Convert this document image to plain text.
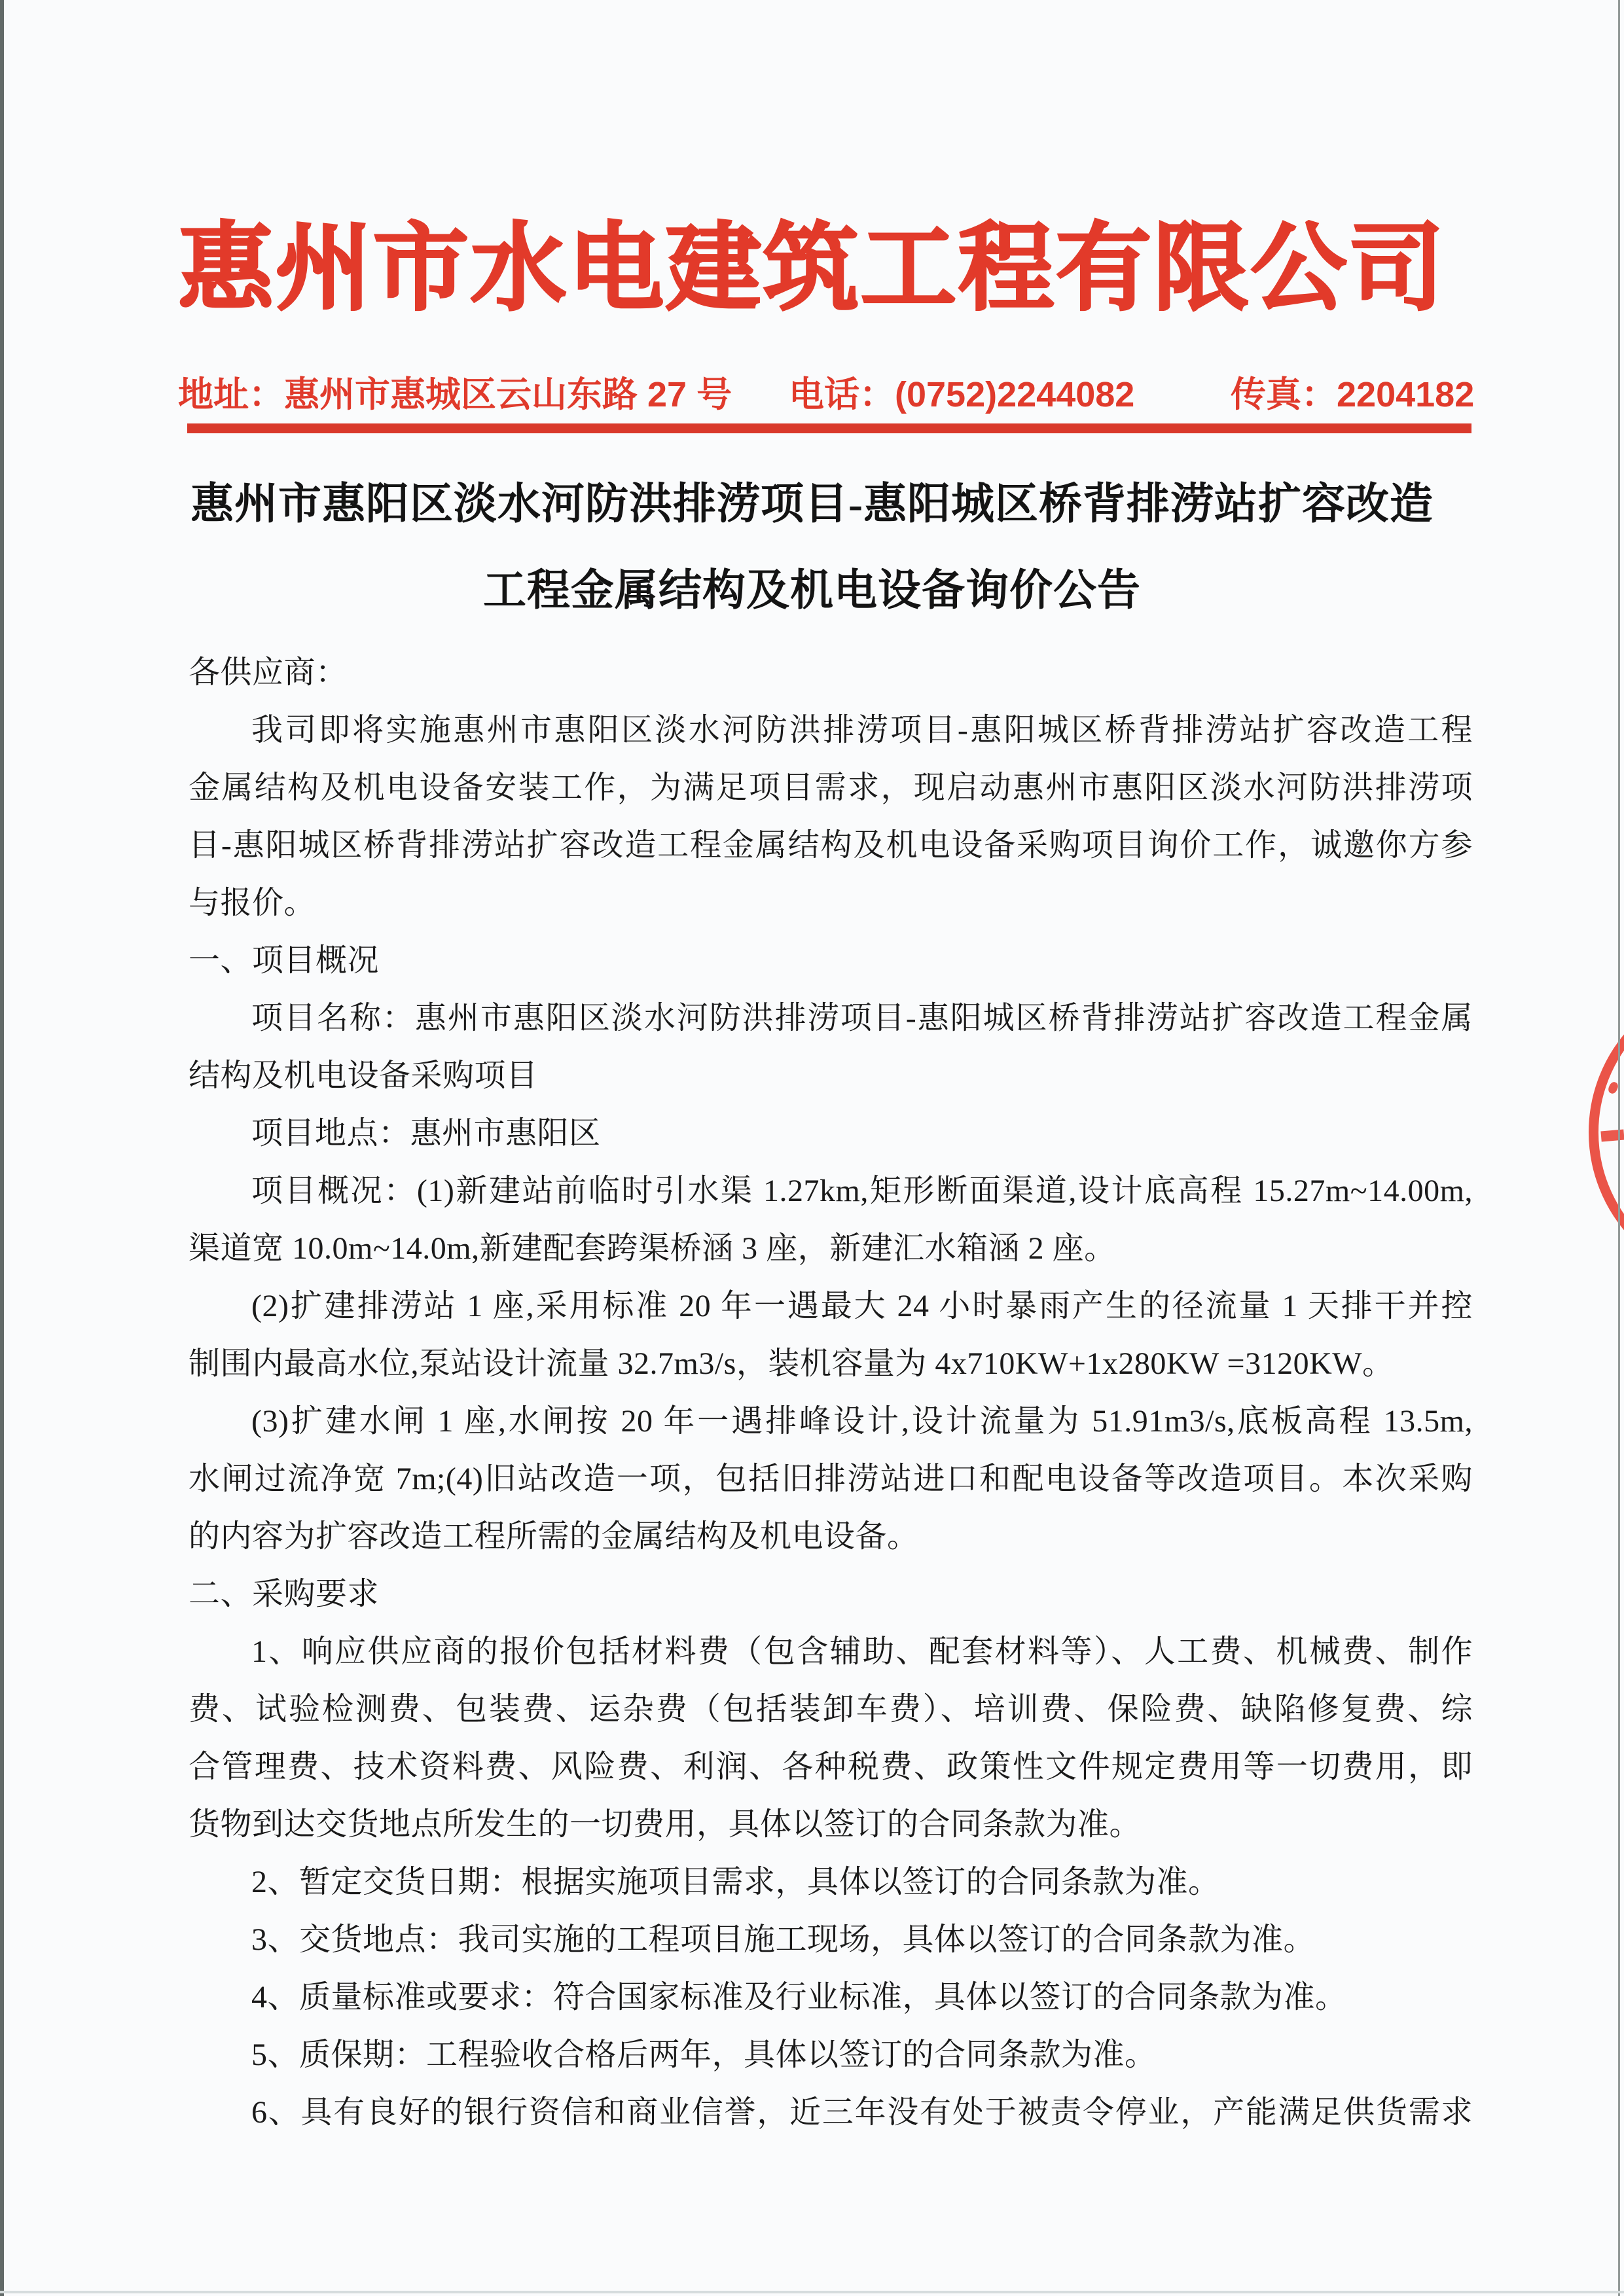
惠州市水电建筑工程有限公司
地址：惠州市惠城区云山东路 27 号 电话：(0752)2244082	传真：2204182
惠州市惠阳区淡水河防洪排涝项目-惠阳城区桥背排涝站扩容改造
工程金属结构及机电设备询价公告
各供应商：
我司即将实施惠州市惠阳区淡水河防洪排涝项目-惠阳城区桥背排涝站扩容改造工程
金属结构及机电设备安装工作，为满足项目需求，现启动惠州市惠阳区淡水河防洪排涝项
目-惠阳城区桥背排涝站扩容改造工程金属结构及机电设备采购项目询价工作，诚邀你方参
与报价。
一、项目概况
项目名称：惠州市惠阳区淡水河防洪排涝项目-惠阳城区桥背排涝站扩容改造工程金属
结构及机电设备采购项目
项目地点：惠州市惠阳区
项目概况：(1)新建站前临时引水渠 1.27km,矩形断面渠道,设计底高程 15.27m~14.00m,
渠道宽 10.0m~14.0m,新建配套跨渠桥涵 3 座，新建汇水箱涵 2 座。
(2)扩建排涝站 1 座,采用标准 20 年一遇最大 24 小时暴雨产生的径流量 1 天排干并控
制围内最高水位,泵站设计流量 32.7m3/s，装机容量为 4x710KW+1x280KW =3120KW。
(3)扩建水闸 1 座,水闸按 20 年一遇排峰设计,设计流量为 51.91m3/s,底板高程 13.5m,
水闸过流净宽 7m;(4)旧站改造一项，包括旧排涝站进口和配电设备等改造项目。本次采购
的内容为扩容改造工程所需的金属结构及机电设备。
二、采购要求
1、响应供应商的报价包括材料费（包含辅助、配套材料等）、人工费、机械费、制作
费、试验检测费、包装费、运杂费（包括装卸车费）、培训费、保险费、缺陷修复费、综
合管理费、技术资料费、风险费、利润、各种税费、政策性文件规定费用等一切费用，即
货物到达交货地点所发生的一切费用，具体以签订的合同条款为准。
2、暂定交货日期：根据实施项目需求，具体以签订的合同条款为准。
3、交货地点：我司实施的工程项目施工现场，具体以签订的合同条款为准。
4、质量标准或要求：符合国家标准及行业标准，具体以签订的合同条款为准。
5、质保期：工程验收合格后两年，具体以签订的合同条款为准。
6、具有良好的银行资信和商业信誉，近三年没有处于被责令停业，产能满足供货需求
